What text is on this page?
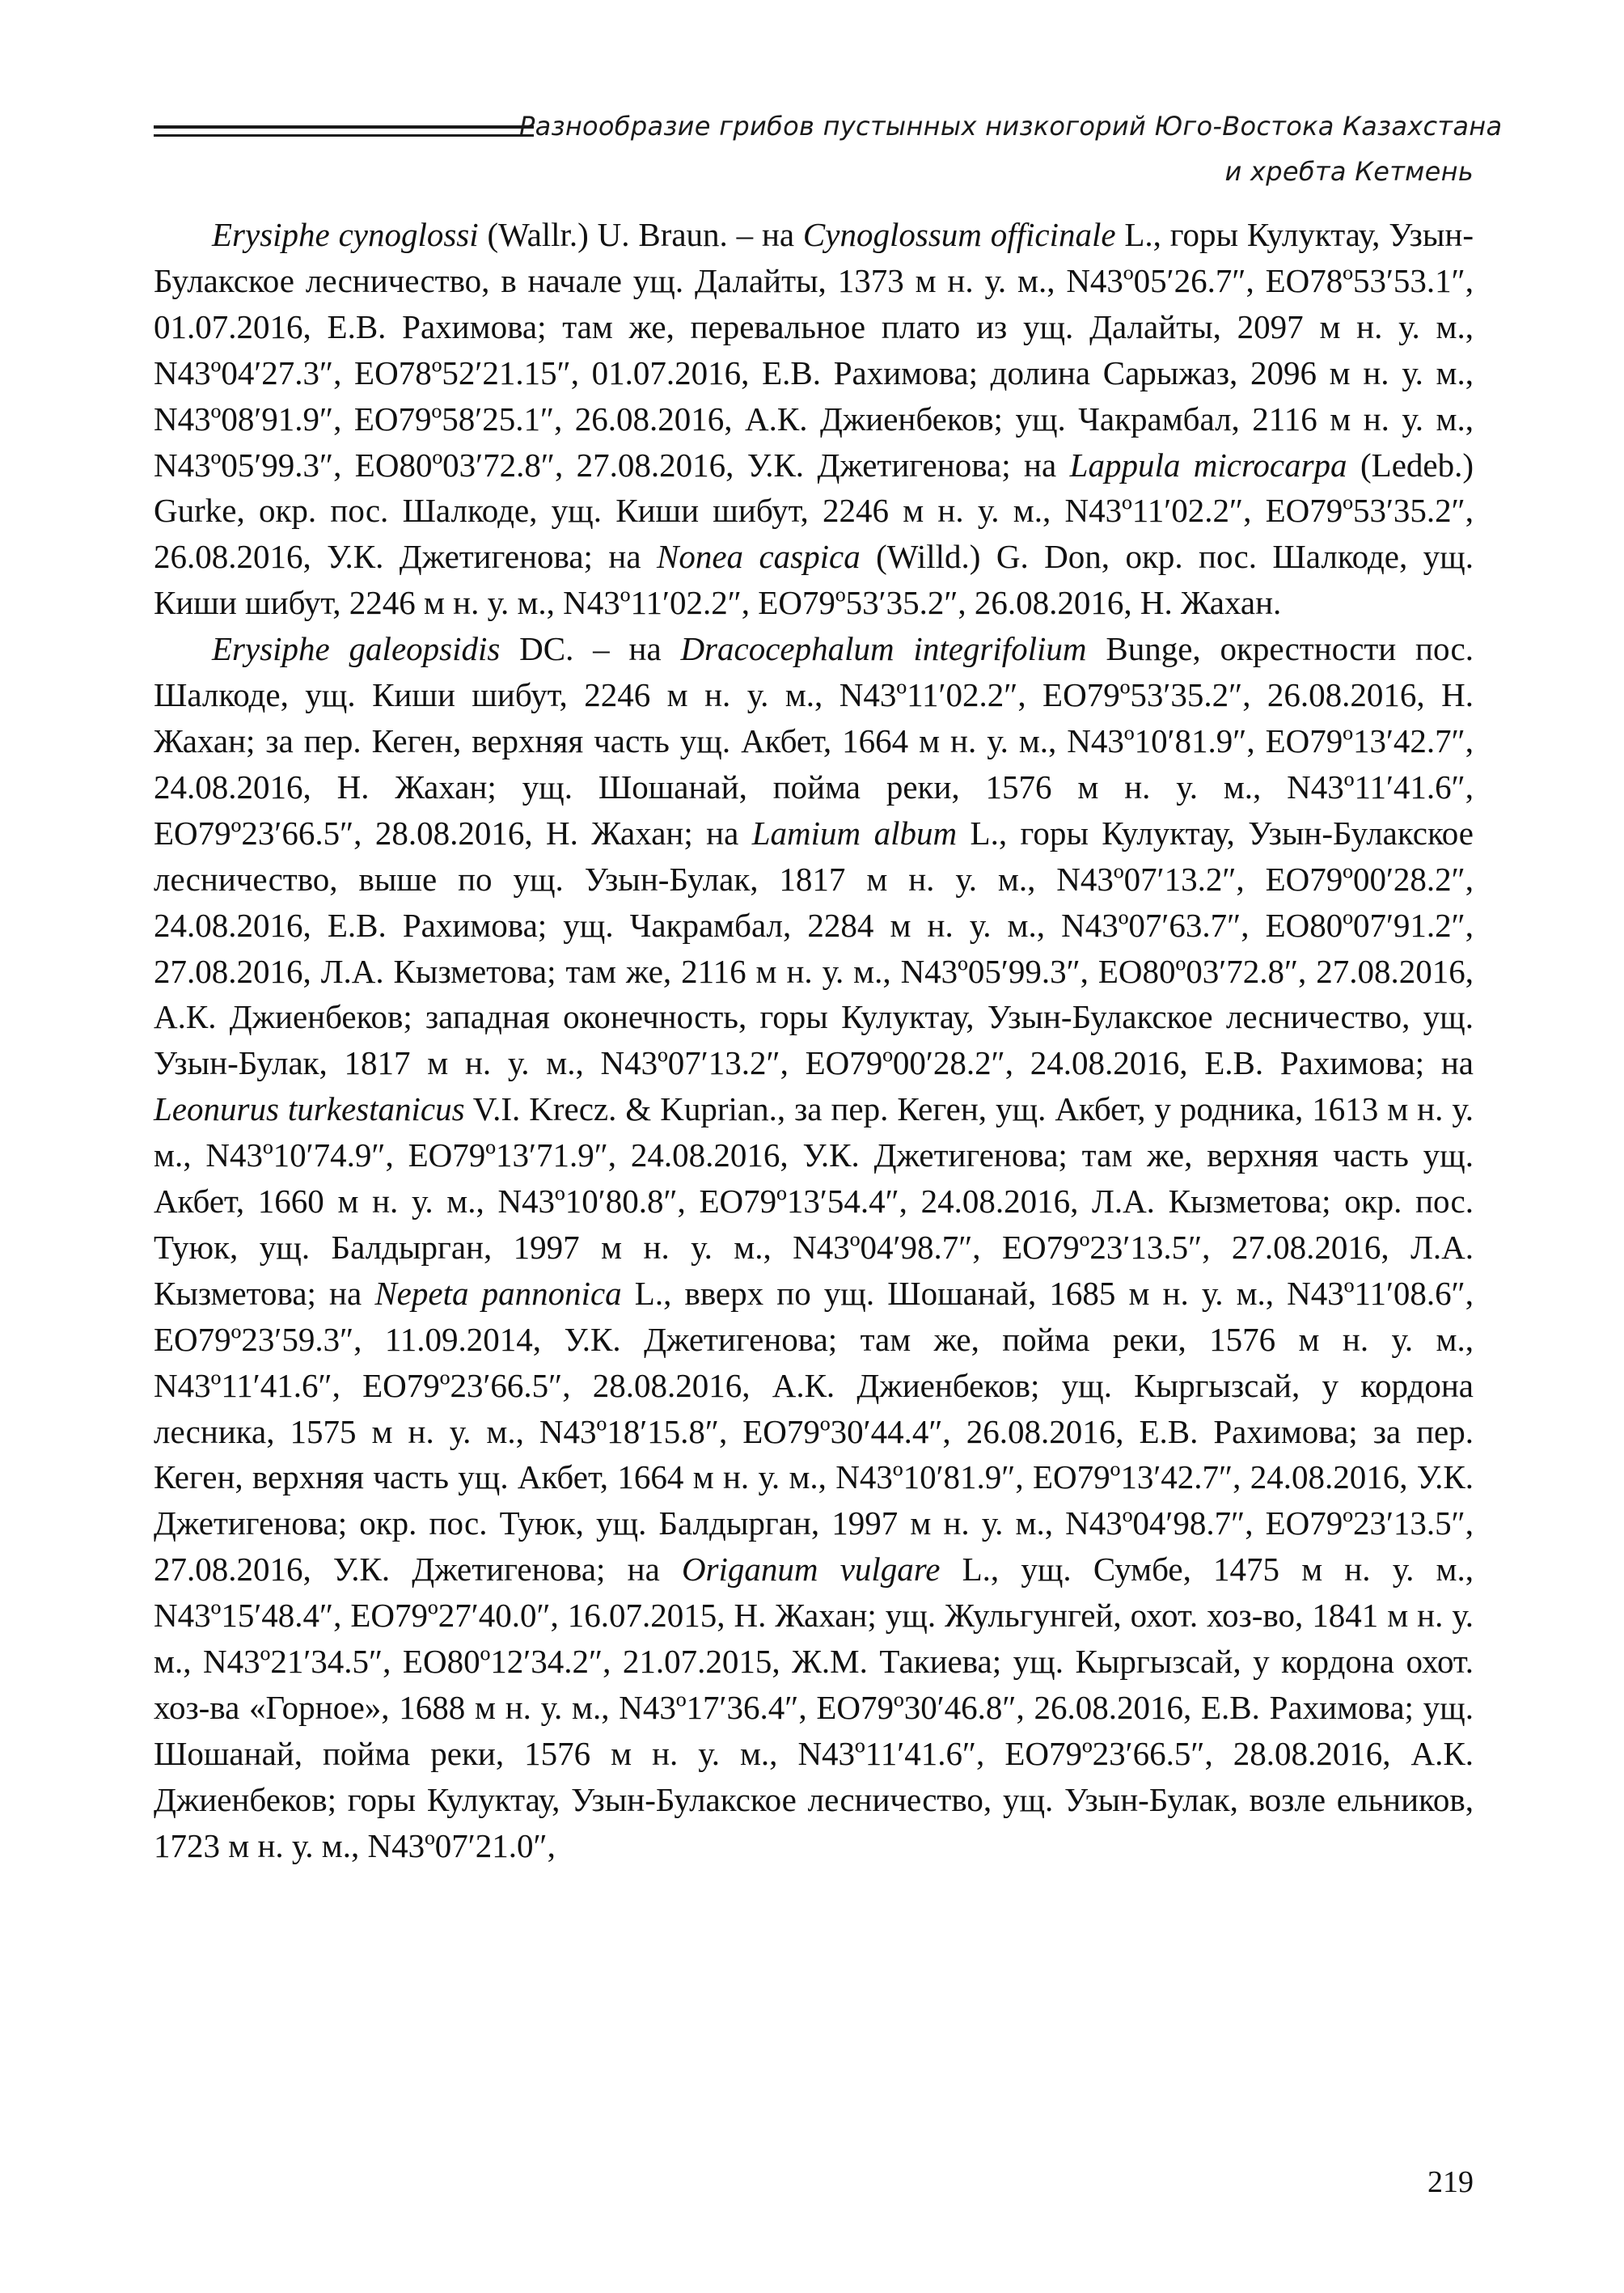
Разнообразие грибов пустынных низкогорий Юго-Востока Казахстана
и хребта Кетмень

Erysiphe cynoglossi (Wallr.) U. Braun. – на Cynoglossum officinale L., горы Кулуктау, Узын-Булакское лесничество, в начале ущ. Далайты, 1373 м н. у. м., N43º05′26.7″, EO78º53′53.1″, 01.07.2016, Е.В. Рахимова; там же, перевальное плато из ущ. Далайты, 2097 м н. у. м., N43º04′27.3″, EO78º52′21.15″, 01.07.2016, Е.В. Рахимова; долина Сарыжаз, 2096 м н. у. м., N43º08′91.9″, EO79º58′25.1″, 26.08.2016, А.К. Джиенбеков; ущ. Чакрамбал, 2116 м н. у. м., N43º05′99.3″, EO80º03′72.8″, 27.08.2016, У.К. Джетигенова; на Lappula microcarpa (Ledeb.) Gurke, окр. пос. Шалкоде, ущ. Киши шибут, 2246 м н. у. м., N43º11′02.2″, EO79º53′35.2″, 26.08.2016, У.К. Джетигенова; на Nonea caspica (Willd.) G. Don, окр. пос. Шалкоде, ущ. Киши шибут, 2246 м н. у. м., N43º11′02.2″, EO79º53′35.2″, 26.08.2016, Н. Жахан.

Erysiphe galeopsidis DC. – на Dracocephalum integrifolium Bunge, окрестности пос. Шалкоде, ущ. Киши шибут, 2246 м н. у. м., N43º11′02.2″, EO79º53′35.2″, 26.08.2016, Н. Жахан; за пер. Кеген, верхняя часть ущ. Акбет, 1664 м н. у. м., N43º10′81.9″, EO79º13′42.7″, 24.08.2016, Н. Жахан; ущ. Шошанай, пойма реки, 1576 м н. у. м., N43º11′41.6″, EO79º23′66.5″, 28.08.2016, Н. Жахан; на Lamium album L., горы Кулуктау, Узын-Булакское лесничество, выше по ущ. Узын-Булак, 1817 м н. у. м., N43º07′13.2″, EO79º00′28.2″, 24.08.2016, Е.В. Рахимова; ущ. Чакрамбал, 2284 м н. у. м., N43º07′63.7″, EO80º07′91.2″, 27.08.2016, Л.А. Кызметова; там же, 2116 м н. у. м., N43º05′99.3″, EO80º03′72.8″, 27.08.2016, А.К. Джиенбеков; западная оконечность, горы Кулуктау, Узын-Булакское лесничество, ущ. Узын-Булак, 1817 м н. у. м., N43º07′13.2″, EO79º00′28.2″, 24.08.2016, Е.В. Рахимова; на Leonurus turkestanicus V.I. Krecz. & Kuprian., за пер. Кеген, ущ. Акбет, у родника, 1613 м н. у. м., N43º10′74.9″, EO79º13′71.9″, 24.08.2016, У.К. Джетигенова; там же, верхняя часть ущ. Акбет, 1660 м н. у. м., N43º10′80.8″, EO79º13′54.4″, 24.08.2016, Л.А. Кызметова; окр. пос. Туюк, ущ. Балдырган, 1997 м н. у. м., N43º04′98.7″, EO79º23′13.5″, 27.08.2016, Л.А. Кызметова; на Nepeta pannonica L., вверх по ущ. Шошанай, 1685 м н. у. м., N43º11′08.6″, EO79º23′59.3″, 11.09.2014, У.К. Джетигенова; там же, пойма реки, 1576 м н. у. м., N43º11′41.6″, EO79º23′66.5″, 28.08.2016, А.К. Джиенбеков; ущ. Кыргызсай, у кордона лесника, 1575 м н. у. м., N43º18′15.8″, EO79º30′44.4″, 26.08.2016, Е.В. Рахимова; за пер. Кеген, верхняя часть ущ. Акбет, 1664 м н. у. м., N43º10′81.9″, EO79º13′42.7″, 24.08.2016, У.К. Джетигенова; окр. пос. Туюк, ущ. Балдырган, 1997 м н. у. м., N43º04′98.7″, EO79º23′13.5″, 27.08.2016, У.К. Джетигенова; на Origanum vulgare L., ущ. Сумбе, 1475 м н. у. м., N43º15′48.4″, EO79º27′40.0″, 16.07.2015, Н. Жахан; ущ. Жульгунгей, охот. хоз-во, 1841 м н. у. м., N43º21′34.5″, EO80º12′34.2″, 21.07.2015, Ж.М. Такиева; ущ. Кыргызсай, у кордона охот. хоз-ва «Горное», 1688 м н. у. м., N43º17′36.4″, EO79º30′46.8″, 26.08.2016, Е.В. Рахимова; ущ. Шошанай, пойма реки, 1576 м н. у. м., N43º11′41.6″, EO79º23′66.5″, 28.08.2016, А.К. Джиенбеков; горы Кулуктау, Узын-Булакское лесничество, ущ. Узын-Булак, возле ельников, 1723 м н. у. м., N43º07′21.0″,

219
